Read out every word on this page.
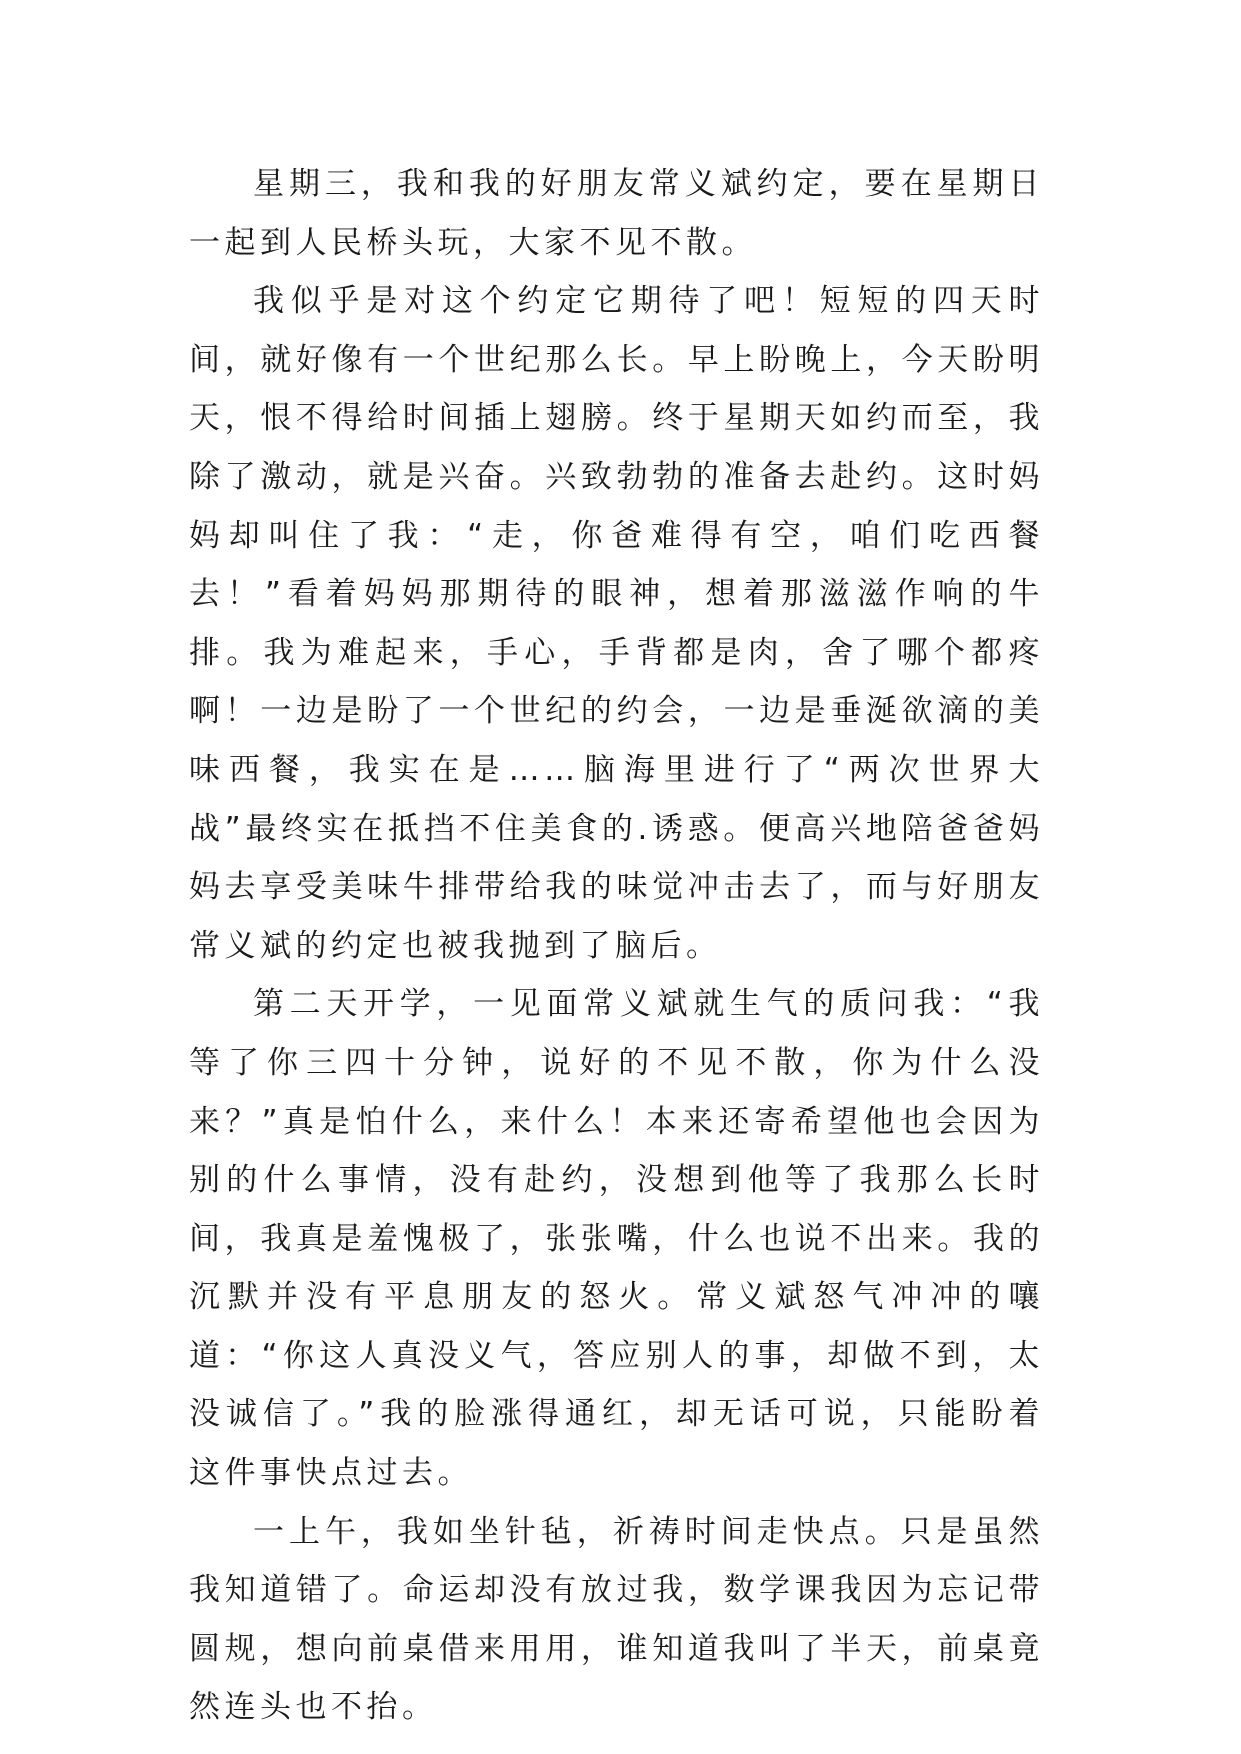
星期三，我和我的好朋友常义斌约定，要在星期日一起到人民桥头玩，大家不见不散。

我似乎是对这个约定它期待了吧！短短的四天时间，就好像有一个世纪那么长。早上盼晚上，今天盼明天，恨不得给时间插上翅膀。终于星期天如约而至，我除了激动，就是兴奋。兴致勃勃的准备去赴约。这时妈妈却叫住了我：“走，你爸难得有空，咱们吃西餐去！”看着妈妈那期待的眼神，想着那滋滋作响的牛排。我为难起来，手心，手背都是肉，舍了哪个都疼啊！一边是盼了一个世纪的约会，一边是垂涎欲滴的美味西餐，我实在是……脑海里进行了“两次世界大战”最终实在抵挡不住美食的.诱惑。便高兴地陪爸爸妈妈去享受美味牛排带给我的味觉冲击去了，而与好朋友常义斌的约定也被我抛到了脑后。

第二天开学，一见面常义斌就生气的质问我：“我等了你三四十分钟，说好的不见不散，你为什么没来？”真是怕什么，来什么！本来还寄希望他也会因为别的什么事情，没有赴约，没想到他等了我那么长时间，我真是羞愧极了，张张嘴，什么也说不出来。我的沉默并没有平息朋友的怒火。常义斌怒气冲冲的嚷道：“你这人真没义气，答应别人的事，却做不到，太没诚信了。”我的脸涨得通红，却无话可说，只能盼着这件事快点过去。

一上午，我如坐针毡，祈祷时间走快点。只是虽然我知道错了。命运却没有放过我，数学课我因为忘记带圆规，想向前桌借来用用，谁知道我叫了半天，前桌竟然连头也不抬。
